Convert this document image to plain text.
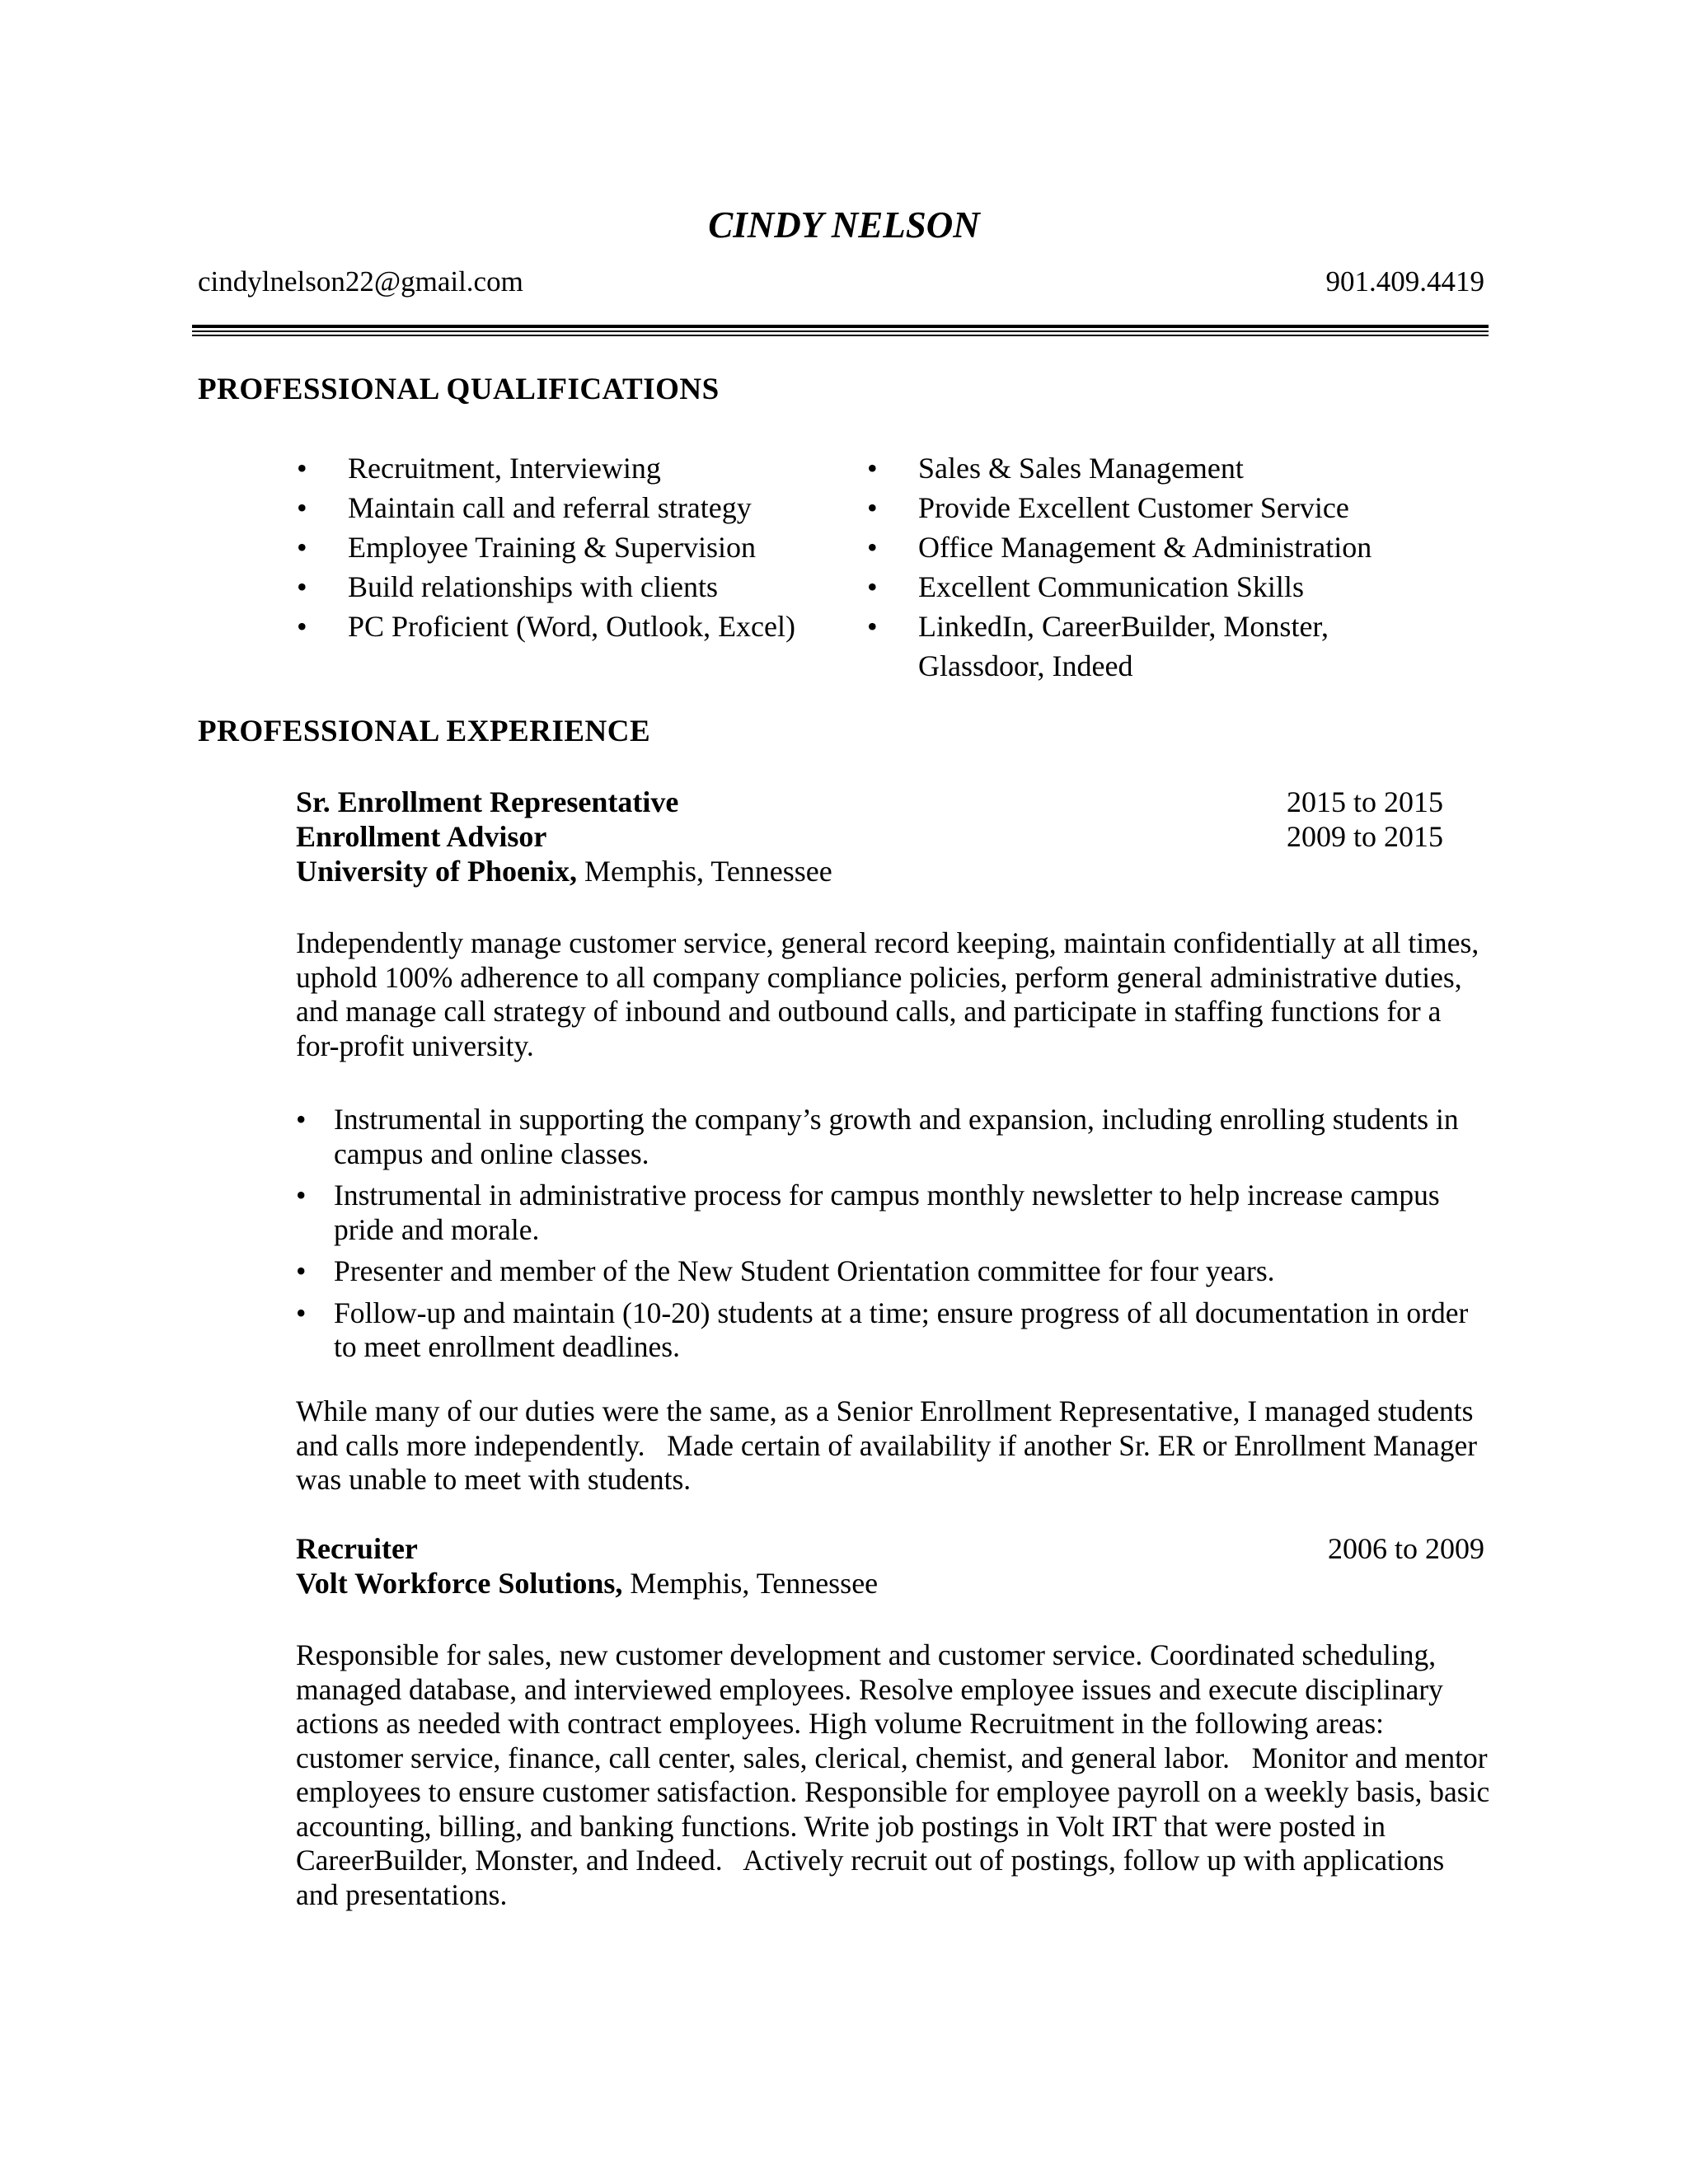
CINDY NELSON
cindylnelson22@gmail.com	901.409.4419
PROFESSIONAL QUALIFICATIONS
• Recruitment, Interviewing
• Maintain call and referral strategy
• Employee Training & Supervision
• Build relationships with clients
• PC Proficient (Word, Outlook, Excel)
• Sales & Sales Management
• Provide Excellent Customer Service
• Office Management & Administration
• Excellent Communication Skills
• LinkedIn, CareerBuilder, Monster, Glassdoor, Indeed
PROFESSIONAL EXPERIENCE
Sr. Enrollment Representative	2015 to 2015
Enrollment Advisor	2009 to 2015
University of Phoenix, Memphis, Tennessee

Independently manage customer service, general record keeping, maintain confidentially at all times, uphold 100% adherence to all company compliance policies, perform general administrative duties, and manage call strategy of inbound and outbound calls, and participate in staffing functions for a for-profit university.

• Instrumental in supporting the company’s growth and expansion, including enrolling students in campus and online classes.
• Instrumental in administrative process for campus monthly newsletter to help increase campus pride and morale.
• Presenter and member of the New Student Orientation committee for four years.
• Follow-up and maintain (10-20) students at a time; ensure progress of all documentation in order to meet enrollment deadlines.

While many of our duties were the same, as a Senior Enrollment Representative, I managed students and calls more independently.   Made certain of availability if another Sr. ER or Enrollment Manager was unable to meet with students.

Recruiter	2006 to 2009
Volt Workforce Solutions, Memphis, Tennessee

Responsible for sales, new customer development and customer service. Coordinated scheduling, managed database, and interviewed employees. Resolve employee issues and execute disciplinary actions as needed with contract employees. High volume Recruitment in the following areas: customer service, finance, call center, sales, clerical, chemist, and general labor.   Monitor and mentor employees to ensure customer satisfaction. Responsible for employee payroll on a weekly basis, basic accounting, billing, and banking functions. Write job postings in Volt IRT that were posted in CareerBuilder, Monster, and Indeed.   Actively recruit out of postings, follow up with applications and presentations.
